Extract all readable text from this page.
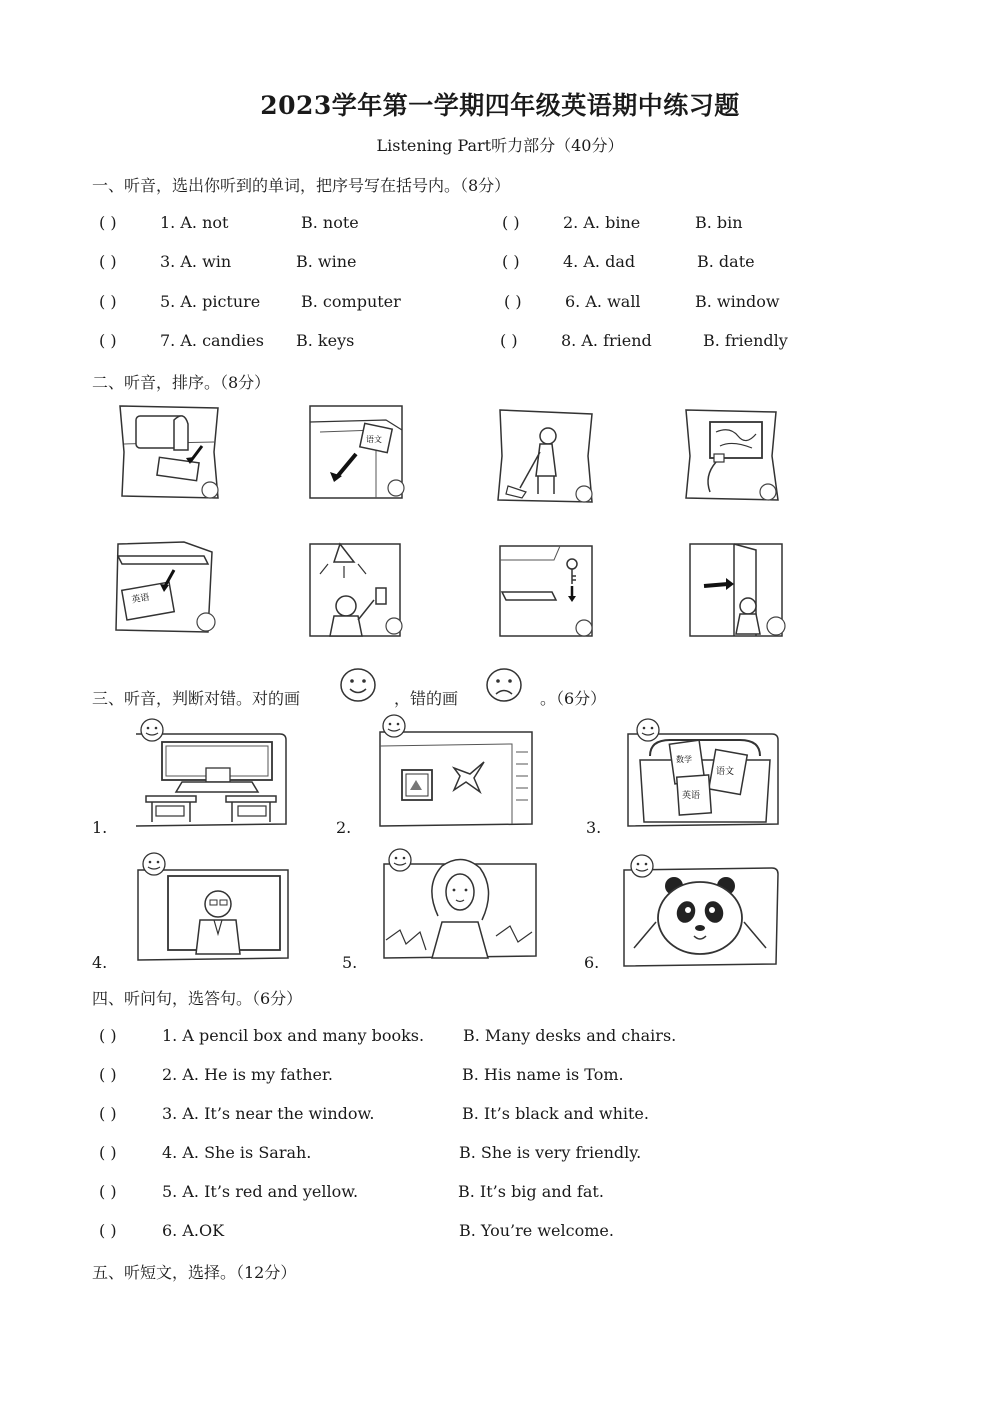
2023学年第一学期四年级英语期中练习题
Listening Part听力部分（40分）
一、听音，选出你听到的单词，把序号写在括号内。（8分）
( )	1. A. not	B. note	( )	2. A. bine	B. bin
( )	3. A. win	B. wine	( )	4. A. dad	B. date
( )	5. A. picture	B. computer	( )	6. A. wall	B. window
( )	7. A. candies B. keys	( )	8. A. friend	B. friendly
二、听音，排序。（8分）
语文
英语
三、听音，判断对错。对的画	，错的画	。（6分）
1.	2.	3.
数学
语文
英语
4.	5.	6.
四、听问句，选答句。（6分）
( )	1. A pencil box and many books. B. Many desks and chairs.
( )	2. A. He is my father.	B. His name is Tom.
( )	3. A. It’s near the window.	B. It’s black and white.
( )	4. A. She is Sarah.	B. She is very friendly.
( )	5. A. It’s red and yellow.	B. It’s big and fat.
( )	6. A.OK	B. You’re welcome.
五、听短文，选择。（12分）
